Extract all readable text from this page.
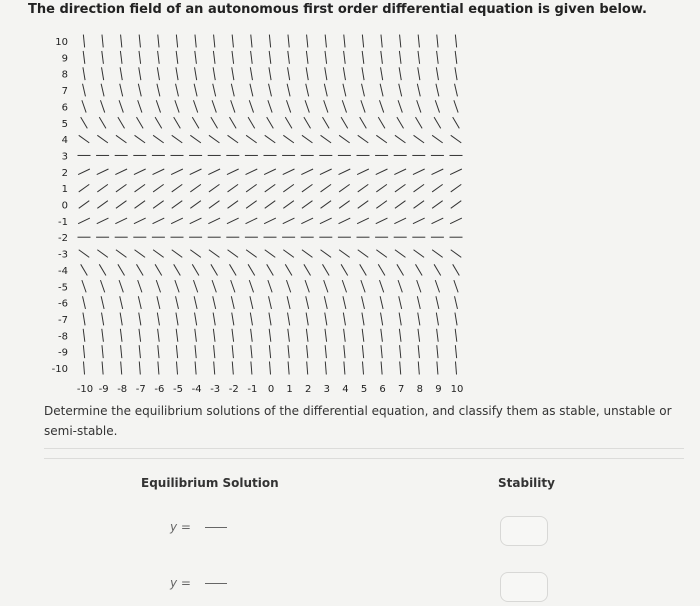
The direction field of an autonomous first order differential equation is given below.
10
9
8
7
6
5
4
3
2
1
0
-1
-2
-3
-4
-5
-6
-7
-8
-9
-10
-10 -9 -8 -7 -6 -5 -4 -3 -2 -1 0 1 2 3 4 5 6 7 8 9 10
Determine the equilibrium solutions of the differential equation, and classify them as stable, unstable or semi-stable.
Equilibrium Solution	Stability
y =
y =
